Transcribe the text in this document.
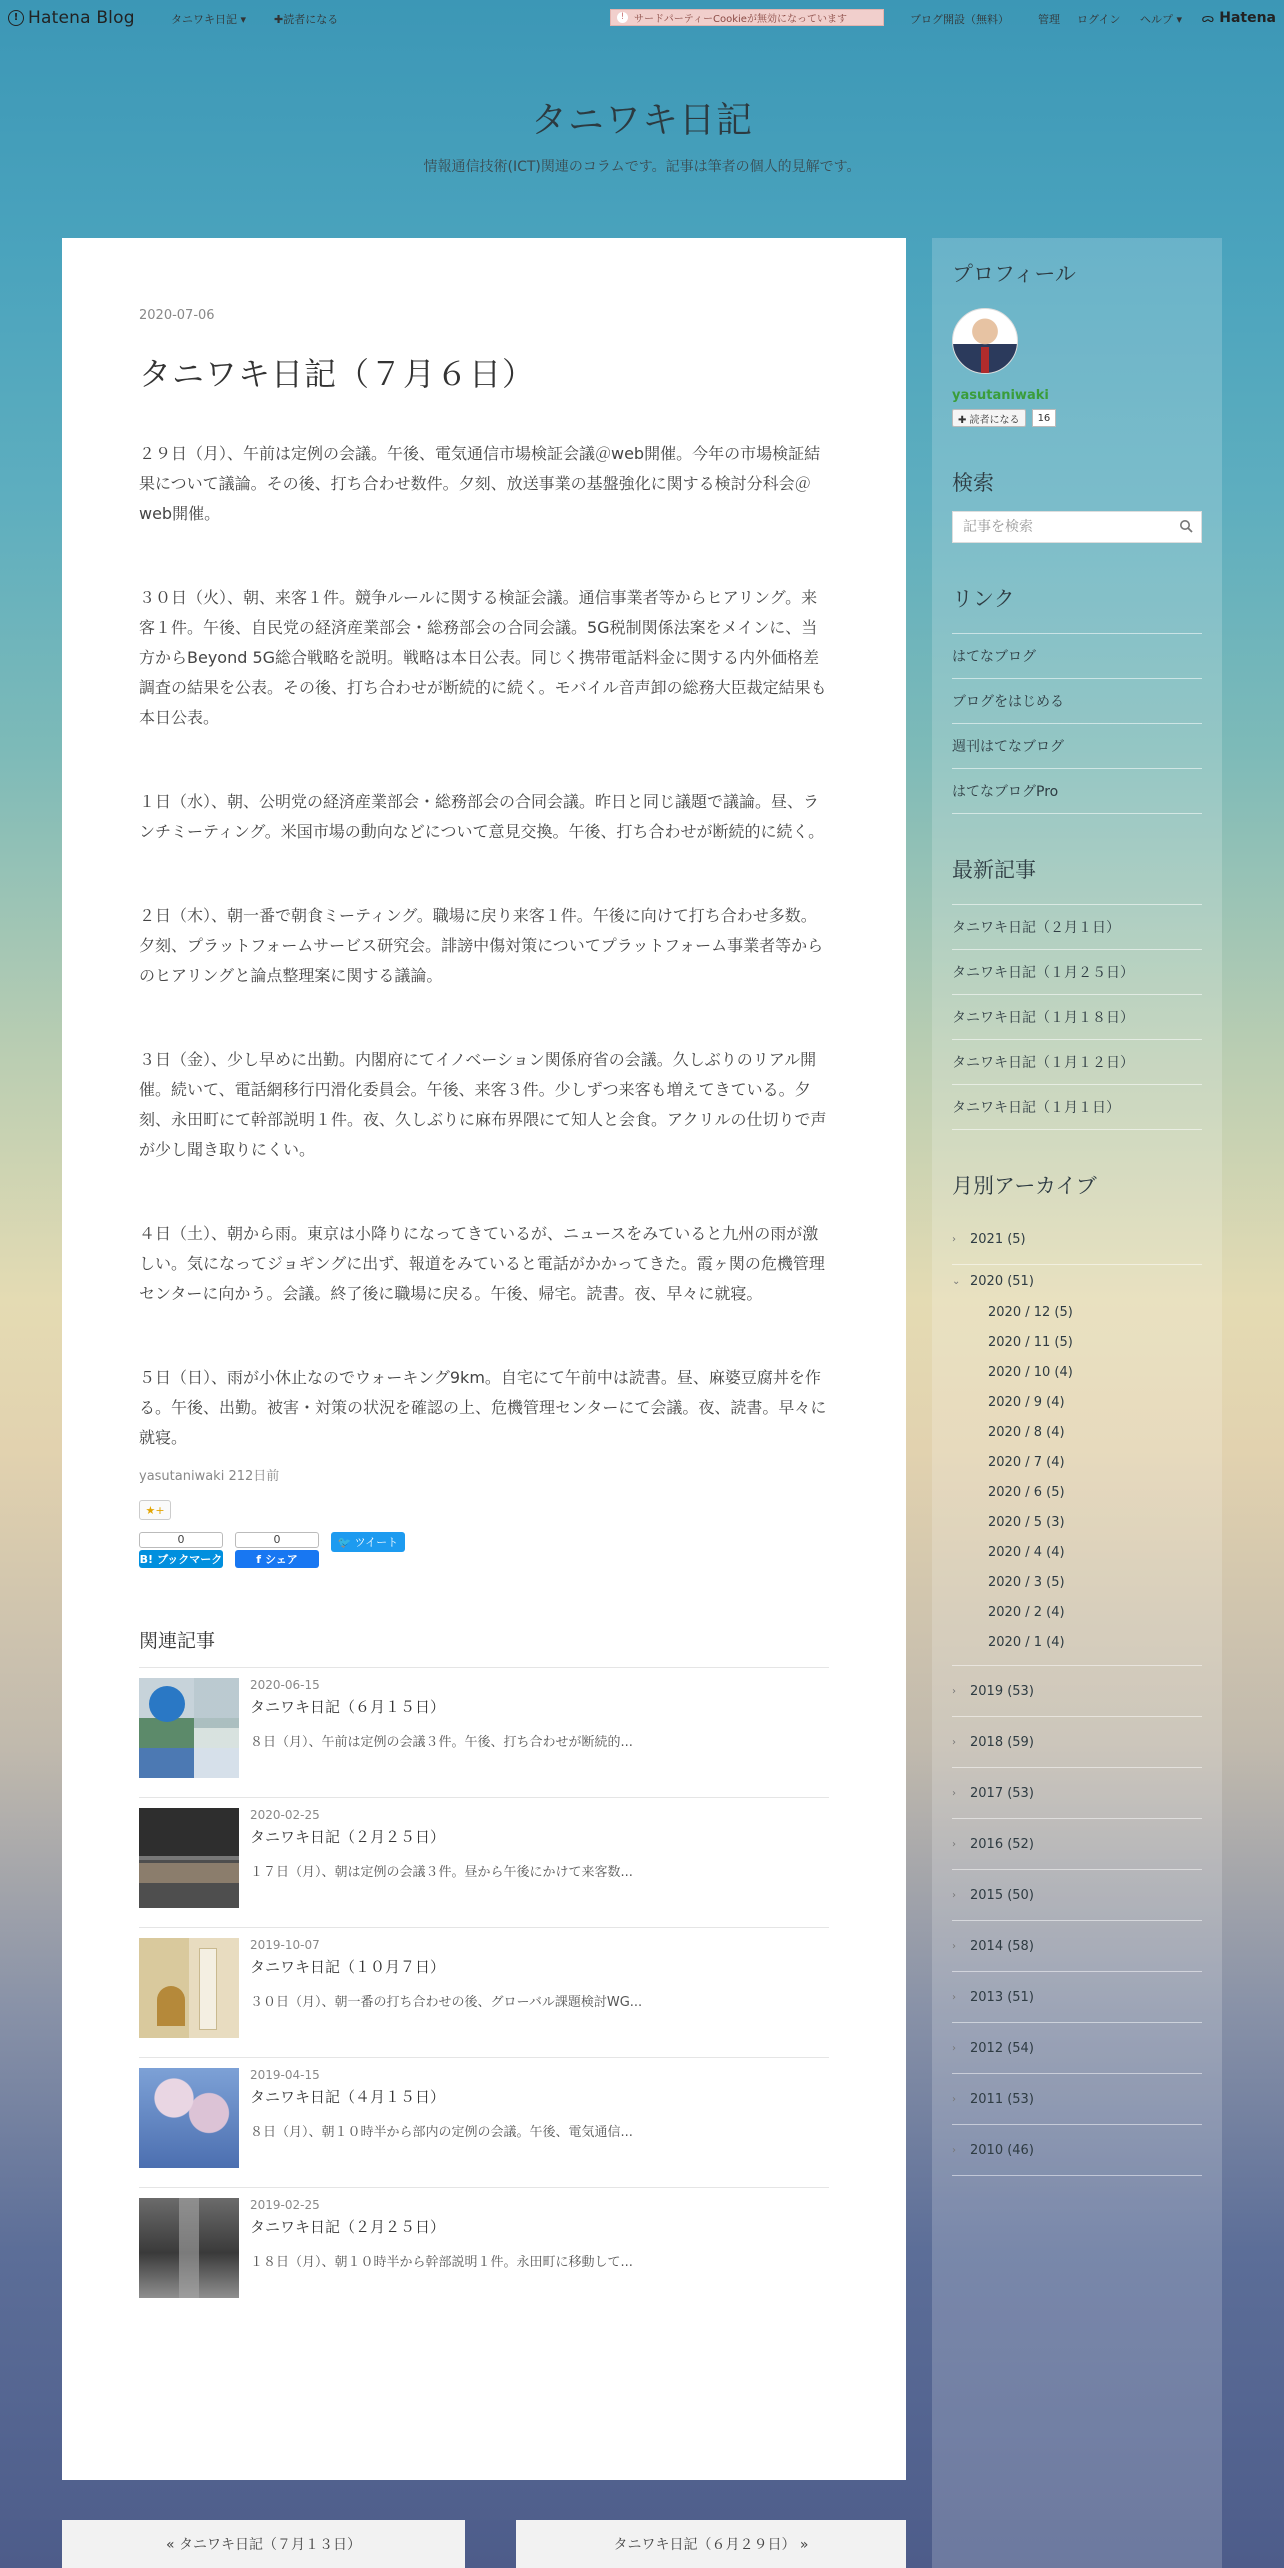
! Hatena Blog	タニワキ日記 ▾	✚読者になる	! サードパーティーCookieが無効になっています	ブログ開設（無料）	管理 ログイン ヘルプ ▾ ᯅ Hatena
タニワキ日記
情報通信技術(ICT)関連のコラムです。記事は筆者の個人的見解です。
2020-07-06
タニワキ日記（７月６日）

２９日（月）、午前は定例の会議。午後、電気通信市場検証会議＠web開催。今年の市場検証結果について議論。その後、打ち合わせ数件。夕刻、放送事業の基盤強化に関する検討分科会＠web開催。

３０日（火）、朝、来客１件。競争ルールに関する検証会議。通信事業者等からヒアリング。来客１件。午後、自民党の経済産業部会・総務部会の合同会議。5G税制関係法案をメインに、当方からBeyond 5G総合戦略を説明。戦略は本日公表。同じく携帯電話料金に関する内外価格差調査の結果を公表。その後、打ち合わせが断続的に続く。モバイル音声卸の総務大臣裁定結果も本日公表。

１日（水）、朝、公明党の経済産業部会・総務部会の合同会議。昨日と同じ議題で議論。昼、ランチミーティング。米国市場の動向などについて意見交換。午後、打ち合わせが断続的に続く。

２日（木）、朝一番で朝食ミーティング。職場に戻り来客１件。午後に向けて打ち合わせ多数。夕刻、プラットフォームサービス研究会。誹謗中傷対策についてプラットフォーム事業者等からのヒアリングと論点整理案に関する議論。

３日（金）、少し早めに出勤。内閣府にてイノベーション関係府省の会議。久しぶりのリアル開催。続いて、電話網移行円滑化委員会。午後、来客３件。少しずつ来客も増えてきている。夕刻、永田町にて幹部説明１件。夜、久しぶりに麻布界隈にて知人と会食。アクリルの仕切りで声が少し聞き取りにくい。

４日（土）、朝から雨。東京は小降りになってきているが、ニュースをみていると九州の雨が激しい。気になってジョギングに出ず、報道をみていると電話がかかってきた。霞ヶ関の危機管理センターに向かう。会議。終了後に職場に戻る。午後、帰宅。読書。夜、早々に就寝。

５日（日）、雨が小休止なのでウォーキング9km。自宅にて午前中は読書。昼、麻婆豆腐丼を作る。午後、出勤。被害・対策の状況を確認の上、危機管理センターにて会議。夜、読書。早々に就寝。

yasutaniwaki 212日前
★+
0
B! ブックマーク
0
f シェア
🐦 ツイート
関連記事
2020-06-15
タニワキ日記（６月１５日）
８日（月）、午前は定例の会議３件。午後、打ち合わせが断続的...
2020-02-25
タニワキ日記（２月２５日）
１７日（月）、朝は定例の会議３件。昼から午後にかけて来客数...
2019-10-07
タニワキ日記（１０月７日）
３０日（月）、朝一番の打ち合わせの後、グローバル課題検討WG...
2019-04-15
タニワキ日記（４月１５日）
８日（月）、朝１０時半から部内の定例の会議。午後、電気通信...
2019-02-25
タニワキ日記（２月２５日）
１８日（月）、朝１０時半から幹部説明１件。永田町に移動して...
« タニワキ日記（７月１３日）	タニワキ日記（６月２９日） »
プロフィール
yasutaniwaki
✚ 読者になる	16
検索
記事を検索
リンク
はてなブログ
ブログをはじめる
週刊はてなブログ
はてなブログPro
最新記事
タニワキ日記（２月１日）
タニワキ日記（１月２５日）
タニワキ日記（１月１８日）
タニワキ日記（１月１２日）
タニワキ日記（１月１日）
月別アーカイブ
›	2021 (5)
⌄ 2020 (51)
2020 / 12 (5)
2020 / 11 (5)
2020 / 10 (4)
2020 / 9 (4)
2020 / 8 (4)
2020 / 7 (4)
2020 / 6 (5)
2020 / 5 (3)
2020 / 4 (4)
2020 / 3 (5)
2020 / 2 (4)
2020 / 1 (4)
›	2019 (53)
›	2018 (59)
›	2017 (53)
›	2016 (52)
›	2015 (50)
›	2014 (58)
›	2013 (51)
›	2012 (54)
›	2011 (53)
›	2010 (46)
